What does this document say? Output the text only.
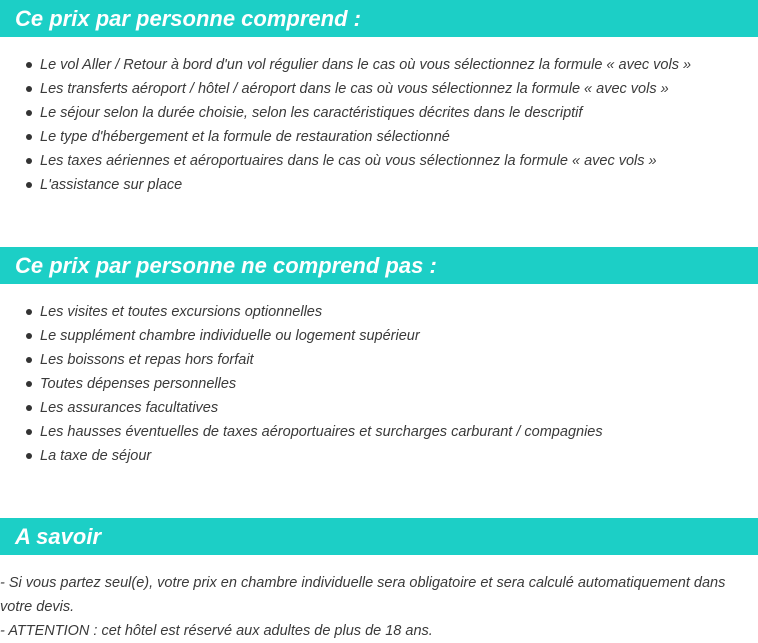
Ce prix par personne comprend :
Le vol Aller / Retour à bord d'un vol régulier dans le cas où vous sélectionnez la formule « avec vols »
Les transferts aéroport / hôtel / aéroport dans le cas où vous sélectionnez la formule « avec vols »
Le séjour selon la durée choisie, selon les caractéristiques décrites dans le descriptif
Le type d'hébergement et la formule de restauration sélectionné
Les taxes aériennes et aéroportuaires dans le cas où vous sélectionnez la formule « avec vols »
L'assistance sur place
Ce prix par personne ne comprend pas :
Les visites et toutes excursions optionnelles
Le supplément chambre individuelle ou logement supérieur
Les boissons et repas hors forfait
Toutes dépenses personnelles
Les assurances facultatives
Les hausses éventuelles de taxes aéroportuaires et surcharges carburant / compagnies
La taxe de séjour
A savoir

- Si vous partez seul(e), votre prix en chambre individuelle sera obligatoire et sera calculé automatiquement dans votre devis.

- ATTENTION : cet hôtel est réservé aux adultes de plus de 18 ans.
